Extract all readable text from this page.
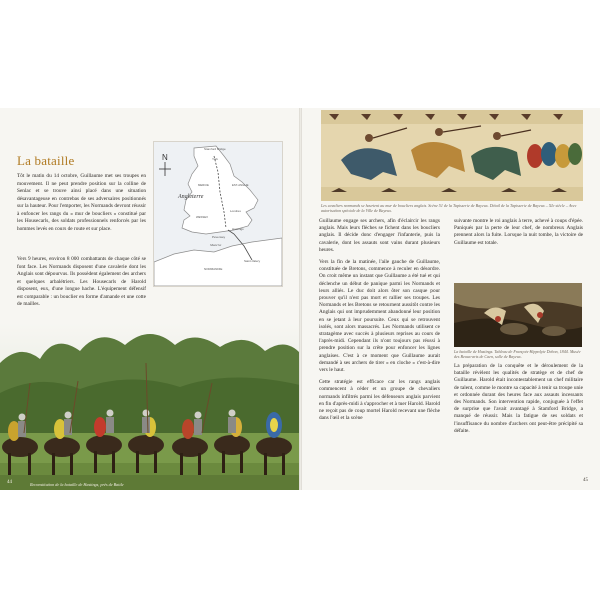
La bataille

Tôt le matin du 14 octobre, Guillaume met ses troupes en mouvement. Il ne peut prendre position sur la colline de Senlac et se trouve ainsi placé dans une situation désavantageuse en contrebas de ses adversaires positionnés sur la hauteur. Pour l'emporter, les Normands devront réussir à enfoncer les rangs du « mur de boucliers » constitué par les Housecarls, des soldats professionnels renforcés par les hommes levés en cours de route et sur place.

Vers 9 heures, environ 8 000 combattants de chaque côté se font face. Les Normands disposent d'une cavalerie dont les Anglais sont dépourvus. Ils possèdent également des archers et quelques arbalétriers. Les Housecarls de Harold disposent, eux, d'une longue hache. L'équipement défensif est comparable : un bouclier en forme d'amande et une cotte de mailles.

N
Angleterre
Stamford Bridge
York
MERCIE	EST-ANGLIE
WESSEX
Londres
Hastings
Pevensey
Manche
Saint-Valery
NORMANDIE
Reconstitution de la bataille de Hastings, près de Battle
44
Les cavaliers normands se heurtent au mur de boucliers anglais. Scène 51 de la Tapisserie de Bayeux. Détail de la Tapisserie de Bayeux – XIe siècle – Avec autorisation spéciale de la Ville de Bayeux.

Guillaume engage ses archers, afin d'éclaircir les rangs anglais. Mais leurs flèches se fichent dans les boucliers anglais. Il décide donc d'engager l'infanterie, puis la cavalerie, dont les assauts sont vains durant plusieurs heures.

Vers la fin de la matinée, l'aile gauche de Guillaume, constituée de Bretons, commence à reculer en désordre. On croit même un instant que Guillaume a été tué et qui déclenche un début de panique parmi les Normands et leurs alliés. Le duc doit alors ôter son casque pour prouver qu'il n'est pas mort et rallier ses troupes. Les Normands et les Bretons se retournent aussitôt contre les Anglais qui ont imprudemment abandonné leur position en se jetant à leur poursuite. Ceux qui se retrouvent isolés, sont alors massacrés. Les Normands utilisent ce stratagème avec succès à plusieurs reprises au cours de l'après-midi. Cependant ils n'ont toujours pas réussi à prendre position sur la crête pour enfoncer les lignes anglaises. C'est à ce moment que Guillaume aurait demandé à ses archers de tirer « en cloche » c'est-à-dire vers le haut.

Cette stratégie est efficace car les rangs anglais commencent à céder et un groupe de chevaliers normands infiltrés parmi les défenseurs anglais parvient en fin d'après-midi à s'approcher et à tuer Harold. Harold ne reçoit pas de coup mortel Harold recevant une flèche dans l'œil et la scène

suivante montre le roi anglais à terre, achevé à coups d'épée. Paniqués par la perte de leur chef, de nombreux Anglais prennent alors la fuite. Lorsque la nuit tombe, la victoire de Guillaume est totale.

La bataille de Hastings. Tableau de François-Hippolyte Debon, 1844. Musée des Beaux-arts de Caen, salle de Bayeux.

La préparation de la conquête et le déroulement de la bataille révèlent les qualités de stratège et de chef de Guillaume. Harold était incontestablement un chef militaire de talent, comme le montre sa capacité à tenir sa troupe unie et ordonnée durant des heures face aux assauts incessants des Normands. Son intervention rapide, conjuguée à l'effet de surprise que l'avait avantagé à Stamford Bridge, a manqué de réussir. Mais la fatigue de ses soldats et l'insuffisance du nombre d'archers ont peut-être précipité sa défaite.

45
